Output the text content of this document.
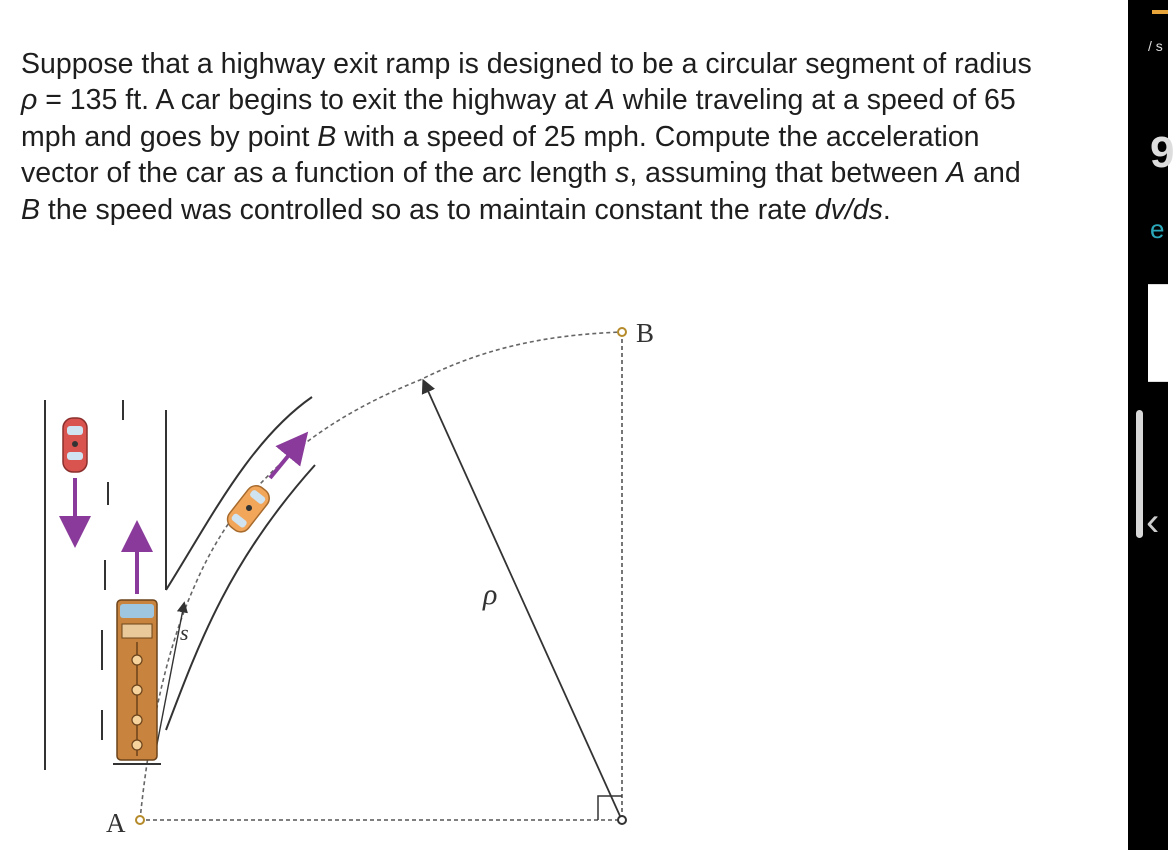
Suppose that a highway exit ramp is designed to be a circular segment of radius ρ = 135 ft. A car begins to exit the highway at A while traveling at a speed of 65 mph and goes by point B with a speed of 25 mph. Compute the acceleration vector of the car as a function of the arc length s, assuming that between A and B the speed was controlled so as to maintain constant the rate dv/ds.

B
A
ρ
s
/ s
9
e
‹
